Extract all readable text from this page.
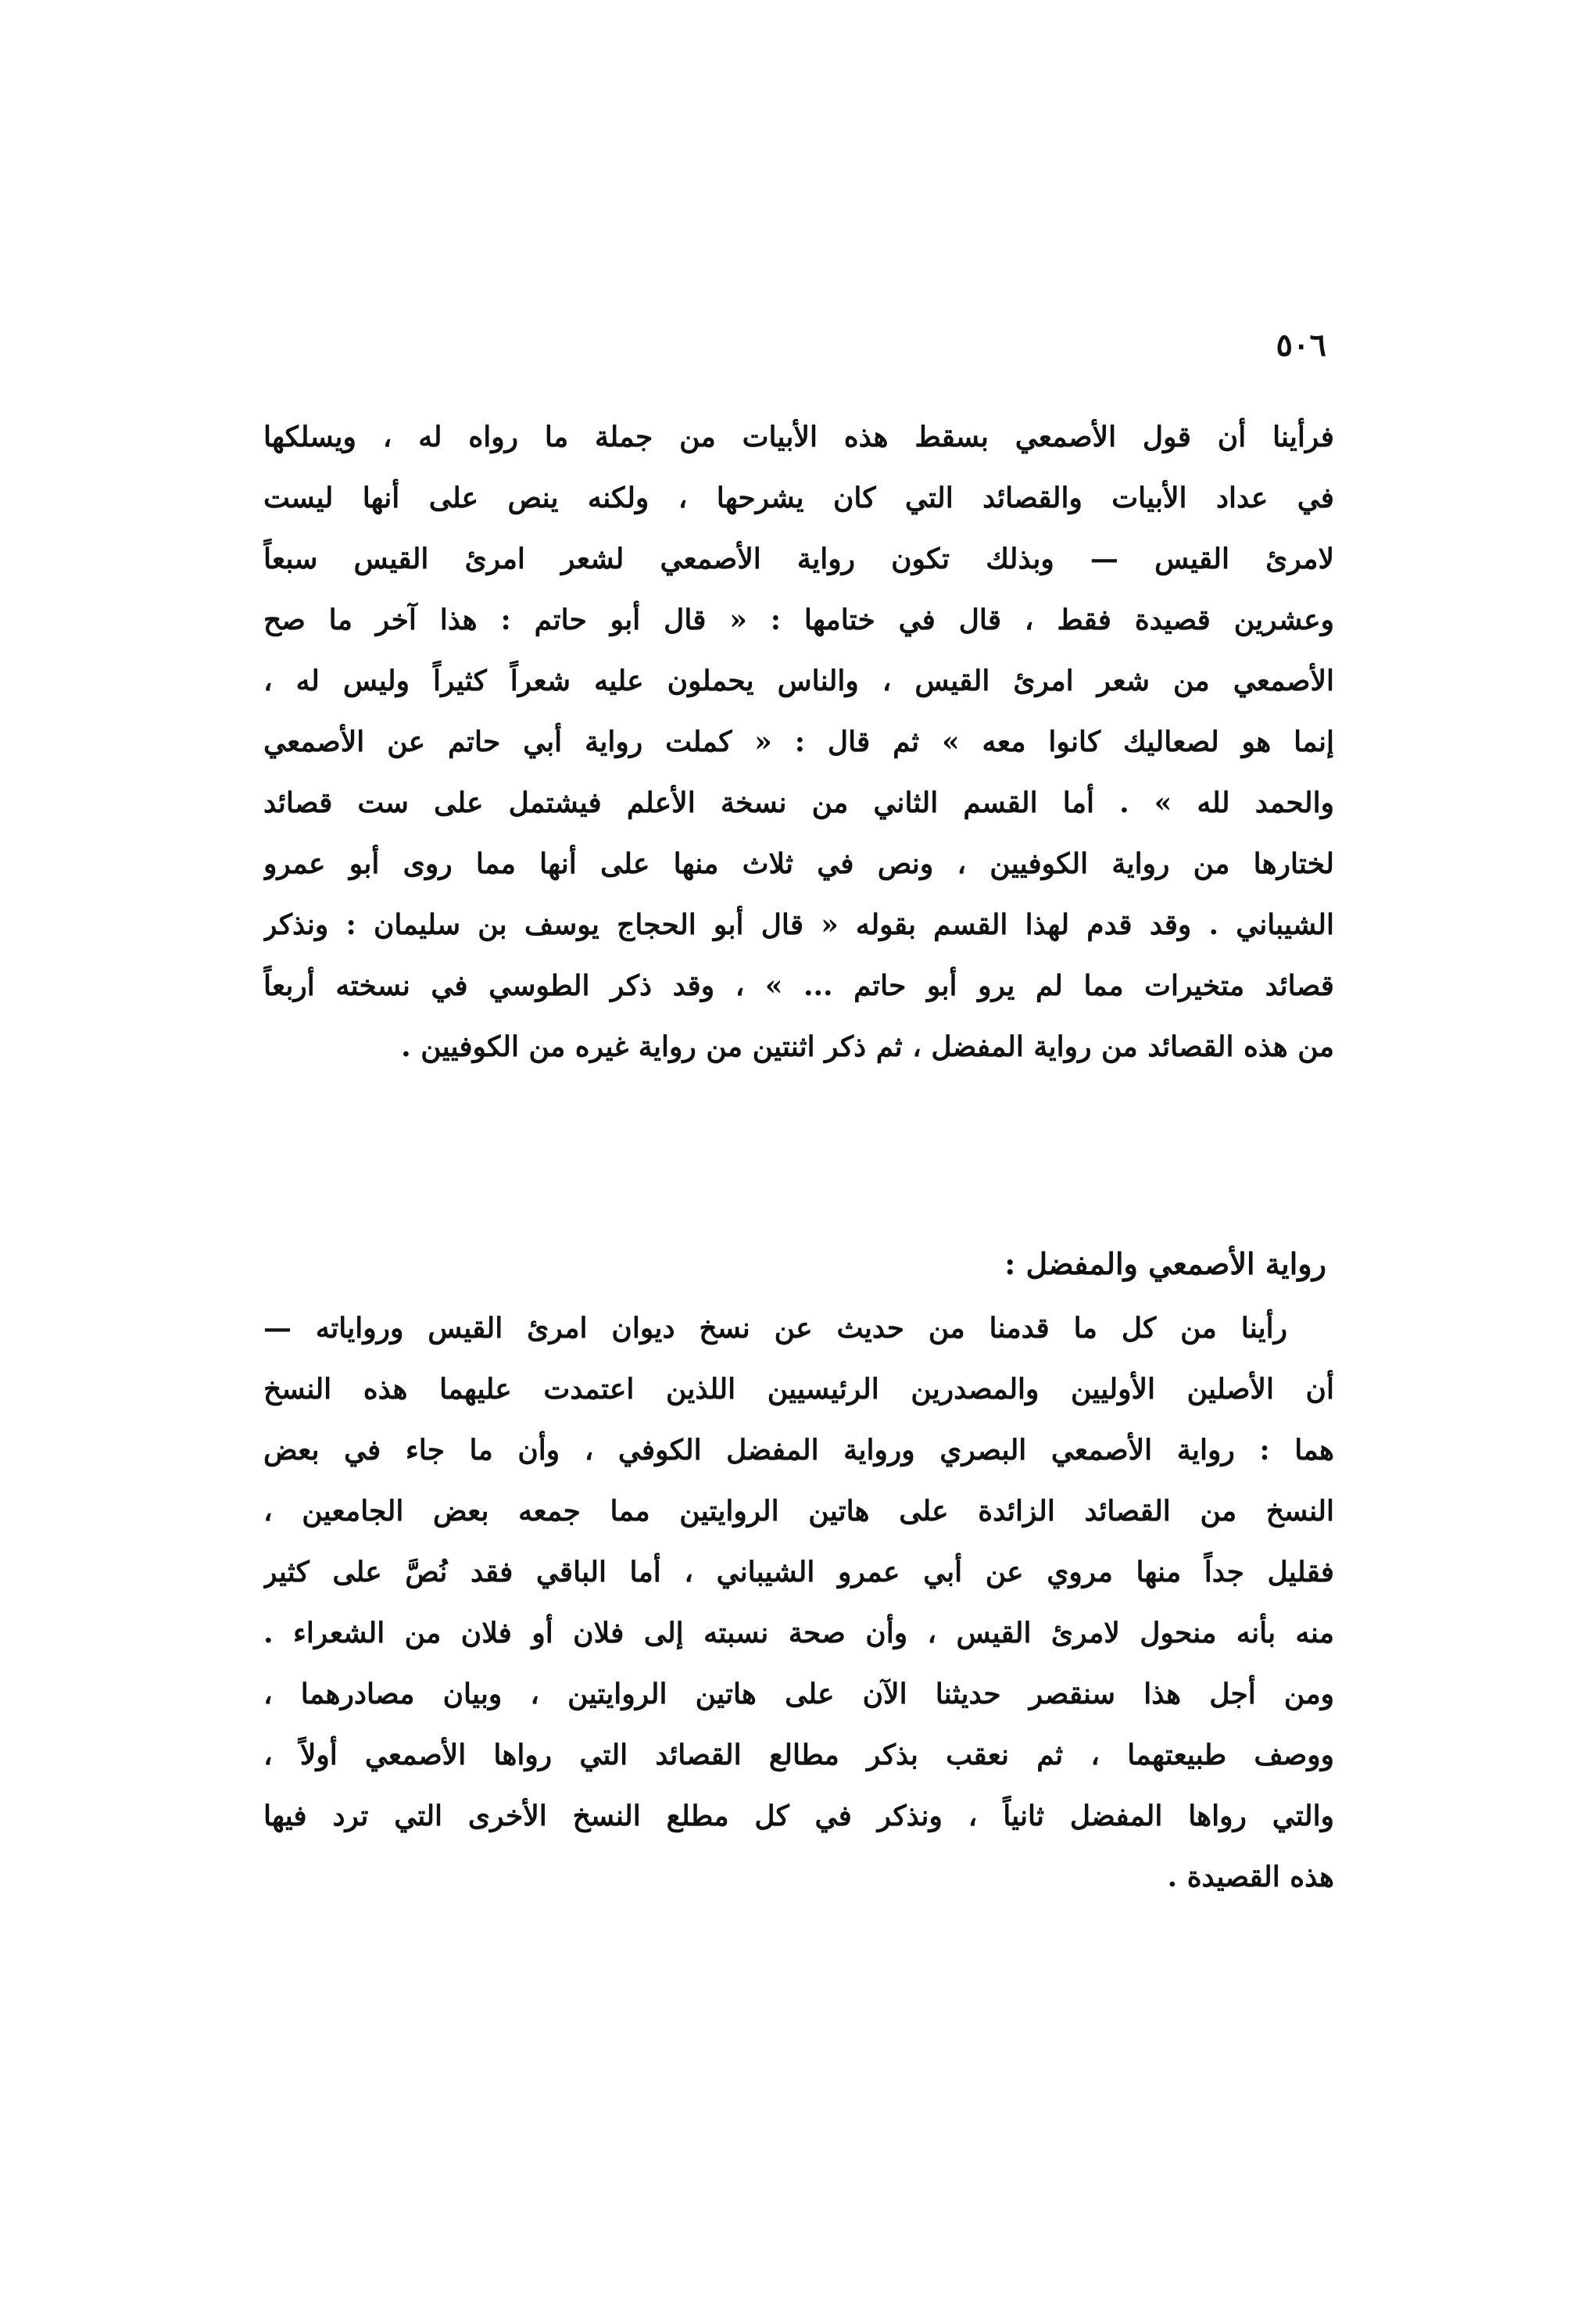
٥٠٦
فرأينا أن قول الأصمعي بسقط هذه الأبيات من جملة ما رواه له ، ويسلكها
في عداد الأبيات والقصائد التي كان يشرحها ، ولكنه ينص على أنها ليست
لامرئ القيس — وبذلك تكون رواية الأصمعي لشعر امرئ القيس سبعاً
وعشرين قصيدة فقط ، قال في ختامها : « قال أبو حاتم : هذا آخر ما صح
الأصمعي من شعر امرئ القيس ، والناس يحملون عليه شعراً كثيراً وليس له ،
إنما هو لصعاليك كانوا معه » ثم قال : « كملت رواية أبي حاتم عن الأصمعي
والحمد لله » . أما القسم الثاني من نسخة الأعلم فيشتمل على ست قصائد
لختارها من رواية الكوفيين ، ونص في ثلاث منها على أنها مما روى أبو عمرو
الشيباني . وقد قدم لهذا القسم بقوله « قال أبو الحجاج يوسف بن سليمان : ونذكر
قصائد متخيرات مما لم يرو أبو حاتم ... » ، وقد ذكر الطوسي في نسخته أربعاً
من هذه القصائد من رواية المفضل ، ثم ذكر اثنتين من رواية غيره من الكوفيين .
رواية الأصمعي والمفضل :
رأينا من كل ما قدمنا من حديث عن نسخ ديوان امرئ القيس ورواياته —
أن الأصلين الأوليين والمصدرين الرئيسيين اللذين اعتمدت عليهما هذه النسخ
هما : رواية الأصمعي البصري ورواية المفضل الكوفي ، وأن ما جاء في بعض
النسخ من القصائد الزائدة على هاتين الروايتين مما جمعه بعض الجامعين ،
فقليل جداً منها مروي عن أبي عمرو الشيباني ، أما الباقي فقد نُصَّ على كثير
منه بأنه منحول لامرئ القيس ، وأن صحة نسبته إلى فلان أو فلان من الشعراء .
ومن أجل هذا سنقصر حديثنا الآن على هاتين الروايتين ، وبيان مصادرهما ،
ووصف طبيعتهما ، ثم نعقب بذكر مطالع القصائد التي رواها الأصمعي أولاً ،
والتي رواها المفضل ثانياً ، ونذكر في كل مطلع النسخ الأخرى التي ترد فيها
هذه القصيدة .
